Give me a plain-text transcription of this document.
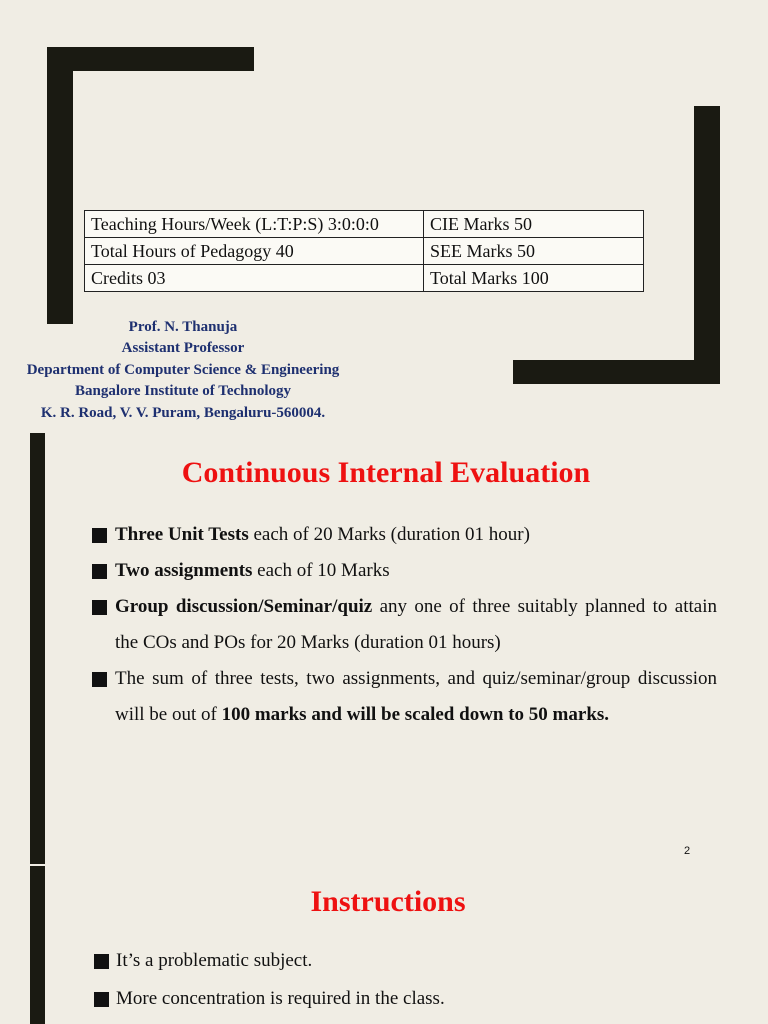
Teaching Hours/Week (L:T:P:S) 3:0:0:0	CIE Marks 50
Total Hours of Pedagogy 40	SEE Marks 50
Credits 03	Total Marks 100
Prof. N. Thanuja
Assistant Professor
Department of Computer Science & Engineering
Bangalore Institute of Technology
K. R. Road, V. V. Puram, Bengaluru-560004.
Continuous Internal Evaluation
Three Unit Tests each of 20 Marks (duration 01 hour)
Two assignments each of 10 Marks
Group discussion/Seminar/quiz any one of three suitably planned to attain the COs and POs for 20 Marks (duration 01 hours)
The sum of three tests, two assignments, and quiz/seminar/group discussion will be out of 100 marks and will be scaled down to 50 marks.
2
Instructions
It’s a problematic subject.
More concentration is required in the class.
